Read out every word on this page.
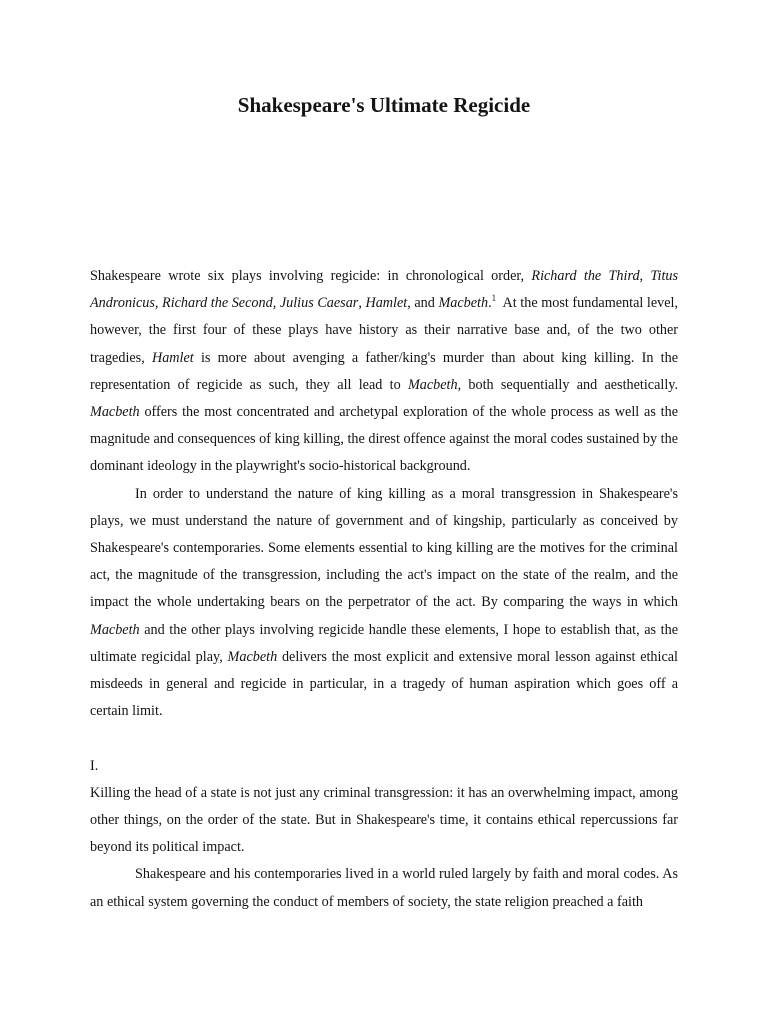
Shakespeare's Ultimate Regicide

Shakespeare wrote six plays involving regicide: in chronological order, Richard the Third, Titus Andronicus, Richard the Second, Julius Caesar, Hamlet, and Macbeth.$^1$  At the most fundamental level, however, the first four of these plays have history as their narrative base and, of the two other tragedies, Hamlet is more about avenging a father/king's murder than about king killing. In the representation of regicide as such, they all lead to Macbeth, both sequentially and aesthetically. Macbeth offers the most concentrated and archetypal exploration of the whole process as well as the magnitude and consequences of king killing, the direst offence against the moral codes sustained by the dominant ideology in the playwright's socio-historical background.

In order to understand the nature of king killing as a moral transgression in Shakespeare's plays, we must understand the nature of government and of kingship, particularly as conceived by Shakespeare's contemporaries. Some elements essential to king killing are the motives for the criminal act, the magnitude of the transgression, including the act's impact on the state of the realm, and the impact the whole undertaking bears on the perpetrator of the act. By comparing the ways in which Macbeth and the other plays involving regicide handle these elements, I hope to establish that, as the ultimate regicidal play, Macbeth delivers the most explicit and extensive moral lesson against ethical misdeeds in general and regicide in particular, in a tragedy of human aspiration which goes off a certain limit.

I.

Killing the head of a state is not just any criminal transgression: it has an overwhelming impact, among other things, on the order of the state. But in Shakespeare's time, it contains ethical repercussions far beyond its political impact.

Shakespeare and his contemporaries lived in a world ruled largely by faith and moral codes. As an ethical system governing the conduct of members of society, the state religion preached a faith
